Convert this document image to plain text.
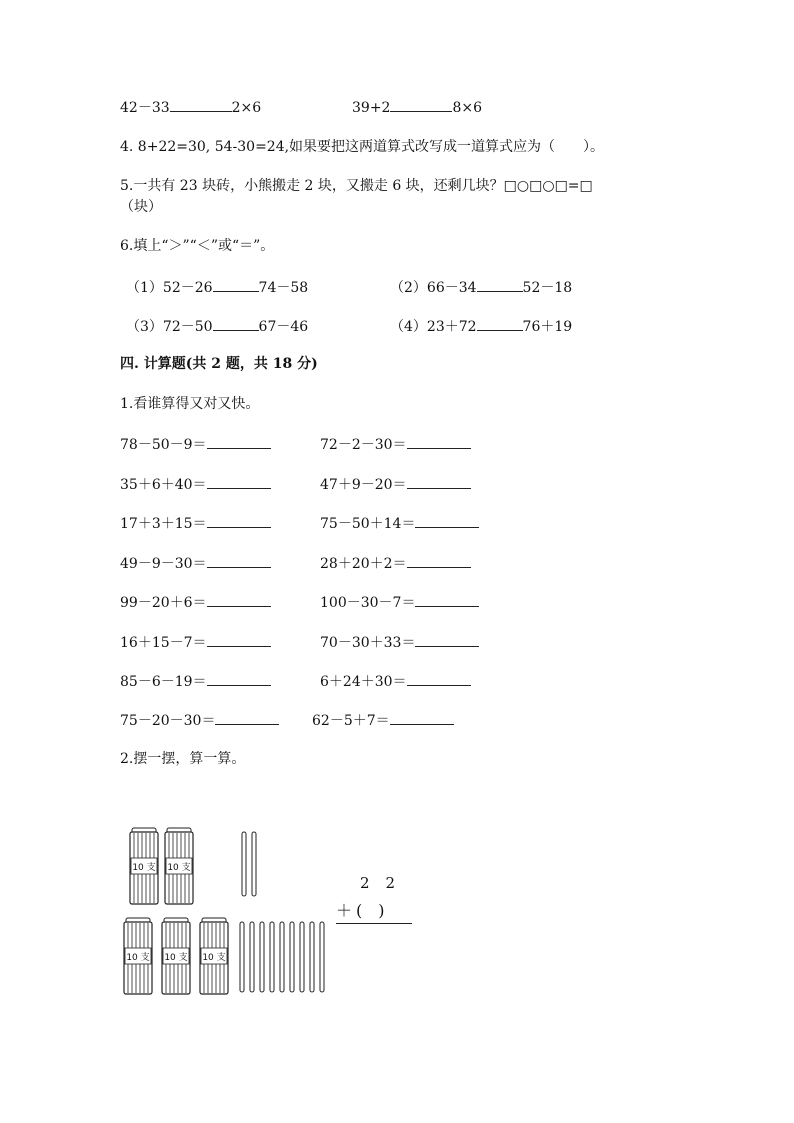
42－33	2×6	39+2	8×6
4. 8+22=30, 54-30=24,如果要把这两道算式改写成一道算式应为（　　）。
5.一共有 23 块砖，小熊搬走 2 块，又搬走 6 块，还剩几块？□○□○□=□
（块）
6.填上“＞”“＜”或“＝”。
（1）52－26	74－58	（2）66－34	52－18
（3）72－50	67－46	（4）23＋72	76＋19
四. 计算题(共 2 题，共 18 分)
1.看谁算得又对又快。
78－50－9＝	72－2－30＝
35＋6＋40＝	47＋9－20＝
17＋3＋15＝	75－50＋14＝
49－9－30＝	28＋20＋2＝
99－20＋6＝	100－30－7＝
16＋15－7＝	70－30＋33＝
85－6－19＝	6＋24＋30＝
75－20－30＝	62－5＋7＝
2.摆一摆，算一算。
10 支 10 支
10 支 10 支 10 支
22
＋ (　)
